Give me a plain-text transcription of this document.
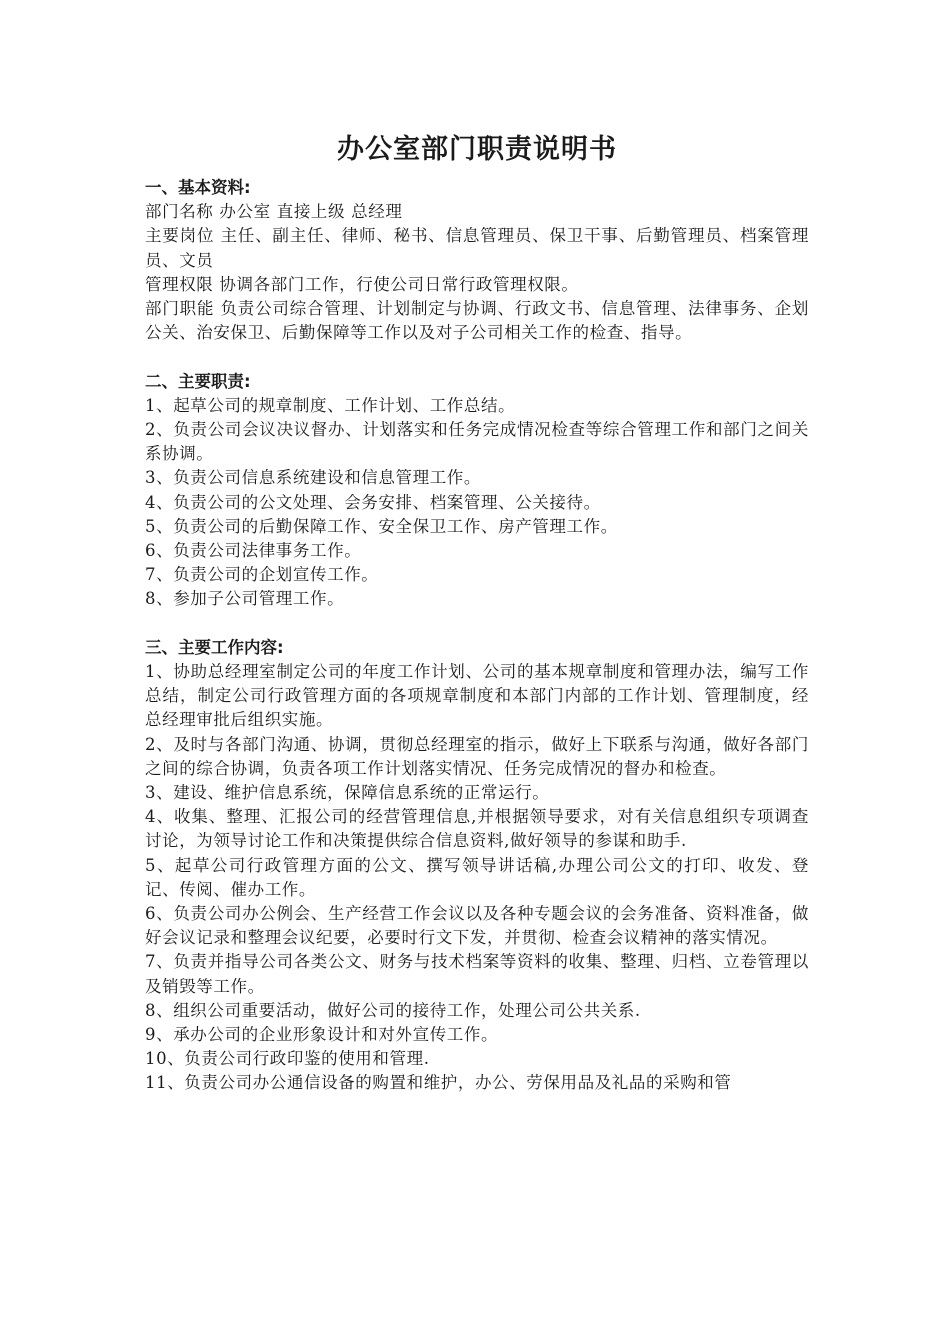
办公室部门职责说明书

一、基本资料:

部门名称 办公室 直接上级 总经理

主要岗位 主任、副主任、律师、秘书、信息管理员、保卫干事、后勤管理员、档案管理员、文员

管理权限 协调各部门工作，行使公司日常行政管理权限。

部门职能 负责公司综合管理、计划制定与协调、行政文书、信息管理、法律事务、企划公关、治安保卫、后勤保障等工作以及对子公司相关工作的检查、指导。

二、主要职责:

1、起草公司的规章制度、工作计划、工作总结。

2、负责公司会议决议督办、计划落实和任务完成情况检查等综合管理工作和部门之间关系协调。

3、负责公司信息系统建设和信息管理工作。

4、负责公司的公文处理、会务安排、档案管理、公关接待。

5、负责公司的后勤保障工作、安全保卫工作、房产管理工作。

6、负责公司法律事务工作。

7、负责公司的企划宣传工作。

8、参加子公司管理工作。

三、主要工作内容:

1、协助总经理室制定公司的年度工作计划、公司的基本规章制度和管理办法，编写工作总结，制定公司行政管理方面的各项规章制度和本部门内部的工作计划、管理制度，经总经理审批后组织实施。

2、及时与各部门沟通、协调，贯彻总经理室的指示，做好上下联系与沟通，做好各部门之间的综合协调，负责各项工作计划落实情况、任务完成情况的督办和检查。

3、建设、维护信息系统，保障信息系统的正常运行。

4、收集、整理、汇报公司的经营管理信息,并根据领导要求，对有关信息组织专项调查讨论，为领导讨论工作和决策提供综合信息资料,做好领导的参谋和助手.

5、起草公司行政管理方面的公文、撰写领导讲话稿,办理公司公文的打印、收发、登记、传阅、催办工作。

6、负责公司办公例会、生产经营工作会议以及各种专题会议的会务准备、资料准备，做好会议记录和整理会议纪要，必要时行文下发，并贯彻、检查会议精神的落实情况。

7、负责并指导公司各类公文、财务与技术档案等资料的收集、整理、归档、立卷管理以及销毁等工作。

8、组织公司重要活动，做好公司的接待工作，处理公司公共关系.

9、承办公司的企业形象设计和对外宣传工作。

10、负责公司行政印鉴的使用和管理.

11、负责公司办公通信设备的购置和维护，办公、劳保用品及礼品的采购和管
